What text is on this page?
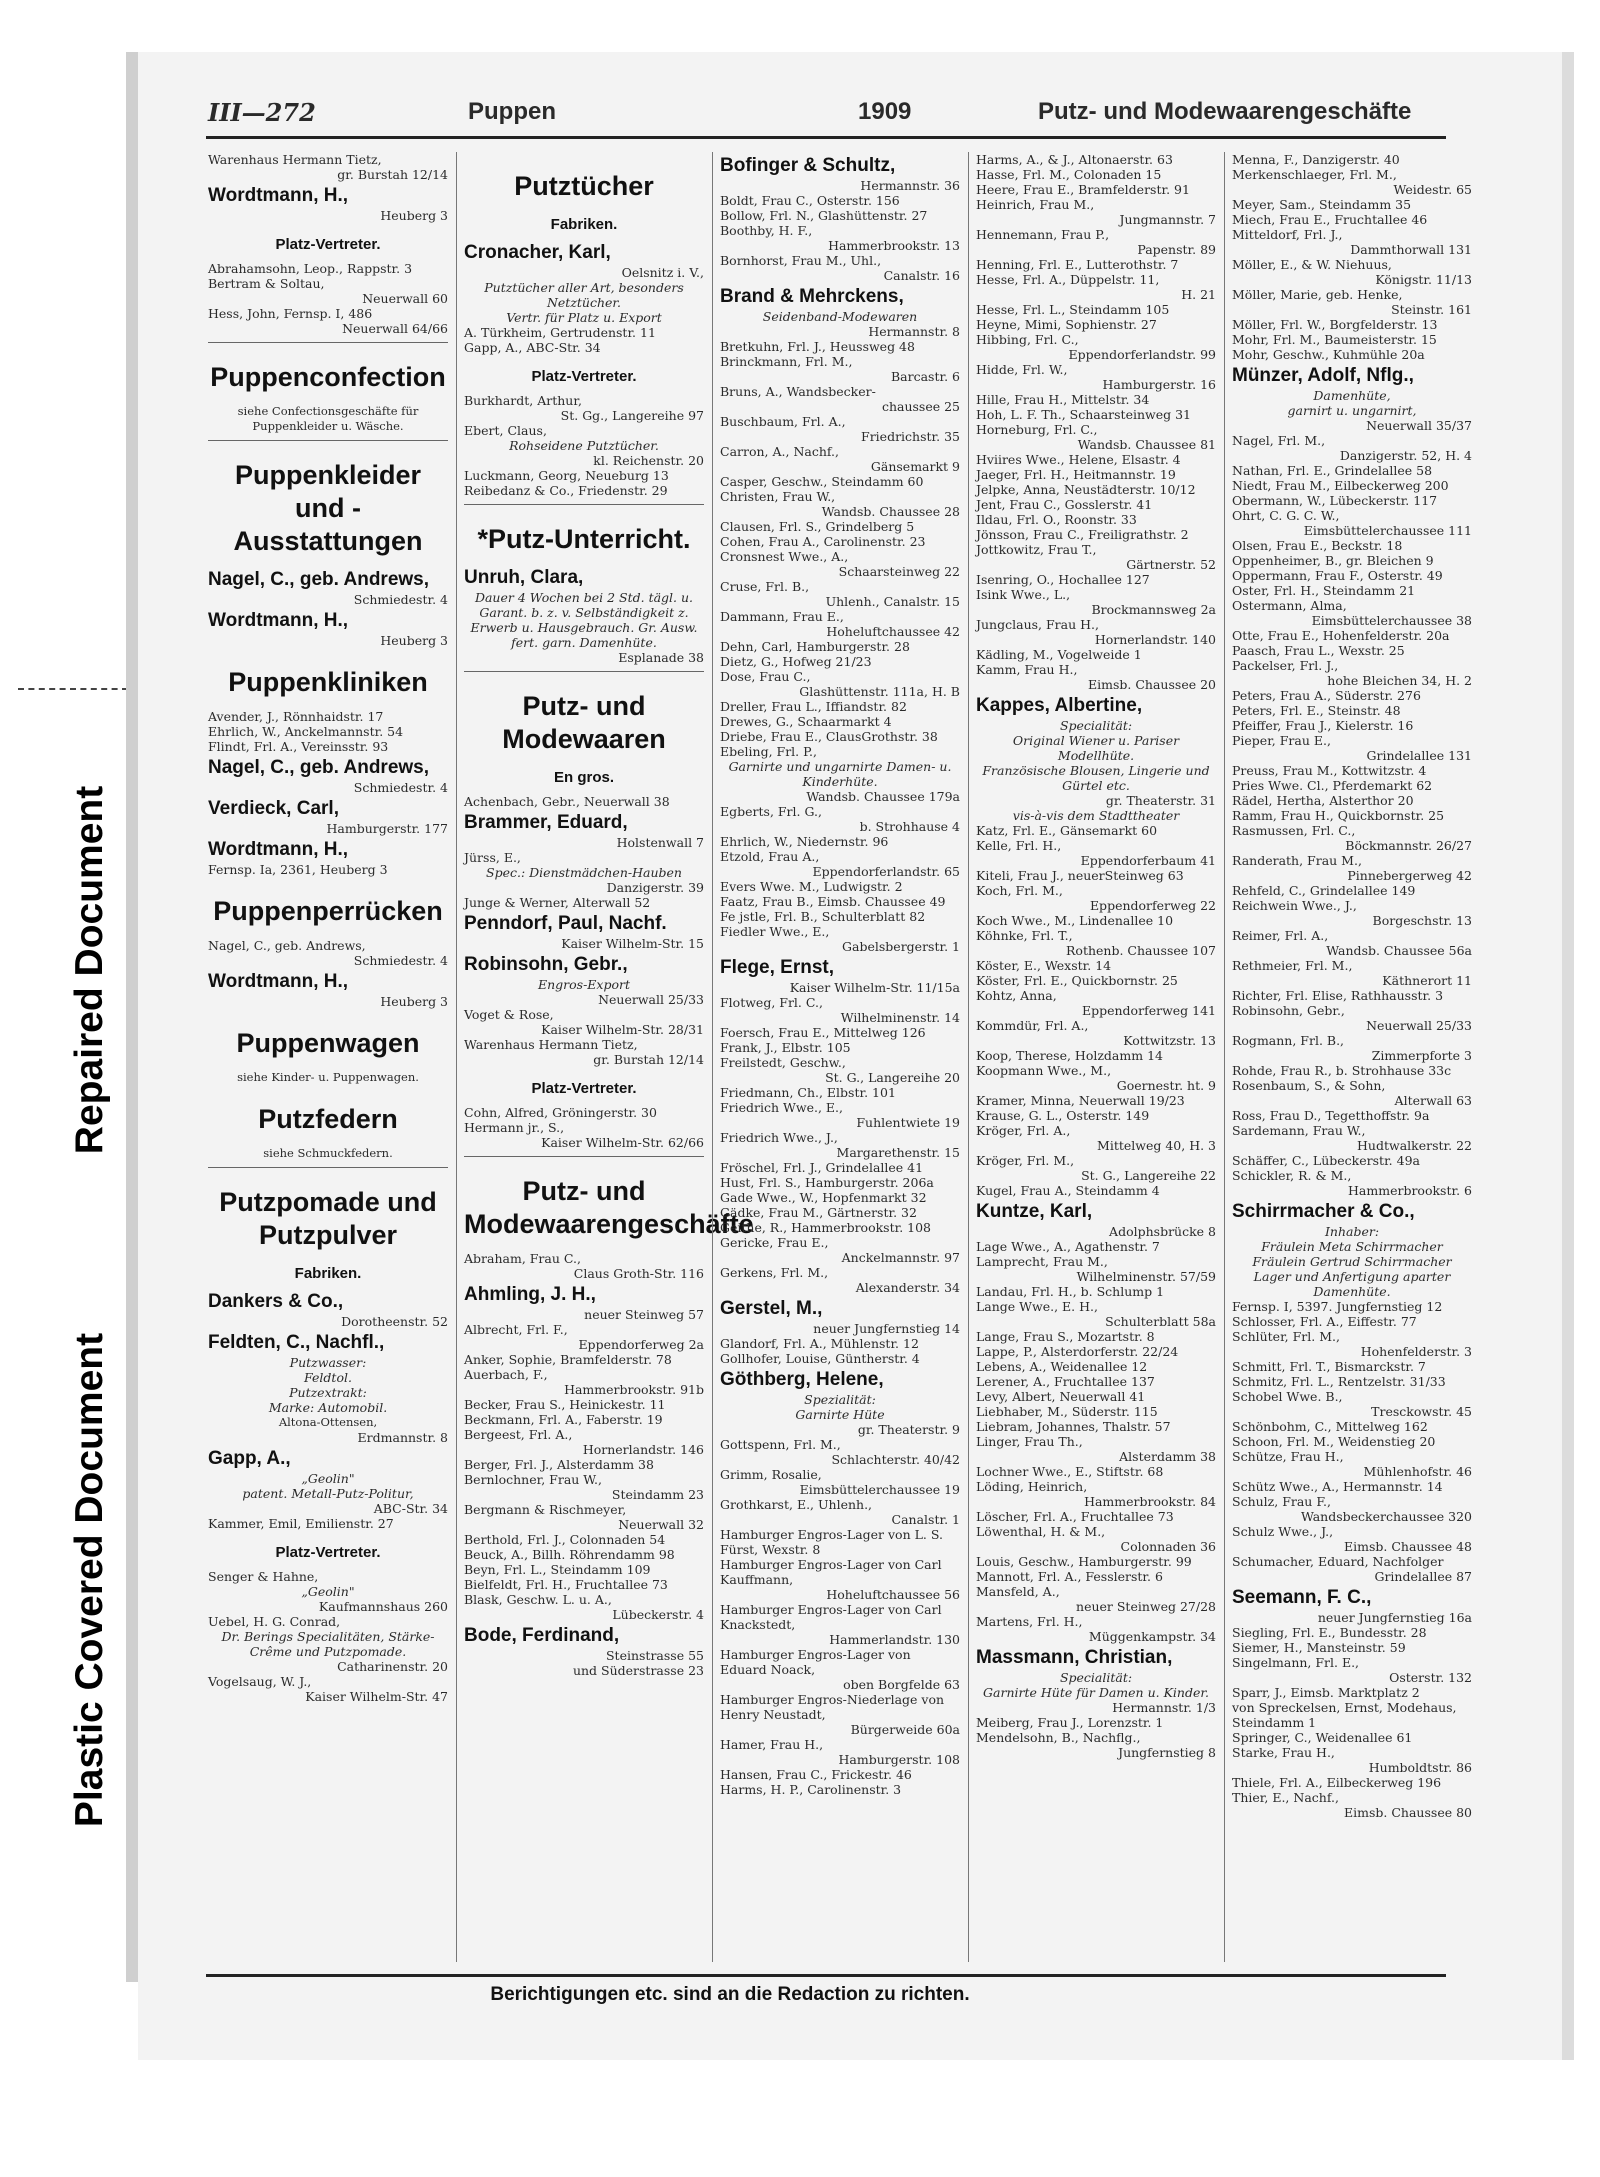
Repaired Document
Plastic Covered Document
III—272	Puppen	1909	Putz- und Modewaarengeschäfte
Warenhaus Hermann Tietz,
gr. Burstah 12/14
Wordtmann, H.,
Heuberg 3
Platz-Vertreter.
Abrahamsohn, Leop., Rappstr. 3
Bertram & Soltau,
Neuerwall 60
Hess, John, Fernsp. I, 486
Neuerwall 64/66
Puppenconfection
siehe Confectionsgeschäfte für Puppenkleider u. Wäsche.
Puppenkleider und -Ausstattungen
Nagel, C., geb. Andrews,
Schmiedestr. 4
Wordtmann, H.,
Heuberg 3
Puppenkliniken
Avender, J., Rönnhaidstr. 17
Ehrlich, W., Anckelmannstr. 54
Flindt, Frl. A., Vereinsstr. 93
Nagel, C., geb. Andrews,
Schmiedestr. 4
Verdieck, Carl,
Hamburgerstr. 177
Wordtmann, H.,
Fernsp. Ia, 2361, Heuberg 3
Puppenperrücken
Nagel, C., geb. Andrews,
Schmiedestr. 4
Wordtmann, H.,
Heuberg 3
Puppenwagen
siehe Kinder- u. Puppenwagen.
Putzfedern
siehe Schmuckfedern.
Putzpomade und Putzpulver
Fabriken.
Dankers & Co.,
Dorotheenstr. 52
Feldten, C., Nachfl.,
Putzwasser:
Feldtol.
Putzextrakt:
Marke: Automobil.
Altona-Ottensen,
Erdmannstr. 8
Gapp, A.,
„Geolin"
patent. Metall-Putz-Politur,
ABC-Str. 34
Kammer, Emil, Emilienstr. 27
Platz-Vertreter.
Senger & Hahne,
„Geolin"
Kaufmannshaus 260
Uebel, H. G. Conrad,
Dr. Berings Specialitäten, Stärke-Crême und Putzpomade.
Catharinenstr. 20
Vogelsaug, W. J.,
Kaiser Wilhelm-Str. 47
Putztücher
Fabriken.
Cronacher, Karl,
Oelsnitz i. V.,
Putztücher aller Art, besonders
Netztücher.
Vertr. für Platz u. Export
A. Türkheim, Gertrudenstr. 11
Gapp, A., ABC-Str. 34
Platz-Vertreter.
Burkhardt, Arthur,
St. Gg., Langereihe 97
Ebert, Claus,
Rohseidene Putztücher.
kl. Reichenstr. 20
Luckmann, Georg, Neueburg 13
Reibedanz & Co., Friedenstr. 29
*Putz-Unterricht.
Unruh, Clara,
Dauer 4 Wochen bei 2 Std. tägl. u. Garant. b. z. v. Selbständigkeit z. Erwerb u. Hausgebrauch. Gr. Ausw. fert. garn. Damenhüte.
Esplanade 38
Putz- und Modewaaren
En gros.
Achenbach, Gebr., Neuerwall 38
Brammer, Eduard,
Holstenwall 7
Jürss, E.,
Spec.: Dienstmädchen-Hauben
Danzigerstr. 39
Junge & Werner, Alterwall 52
Penndorf, Paul, Nachf.
Kaiser Wilhelm-Str. 15
Robinsohn, Gebr.,
Engros-Export
Neuerwall 25/33
Voget & Rose,
Kaiser Wilhelm-Str. 28/31
Warenhaus Hermann Tietz,
gr. Burstah 12/14
Platz-Vertreter.
Cohn, Alfred, Gröningerstr. 30
Hermann jr., S.,
Kaiser Wilhelm-Str. 62/66
Putz- und Modewaarengeschäfte
Abraham, Frau C.,
Claus Groth-Str. 116
Ahmling, J. H.,
neuer Steinweg 57
Albrecht, Frl. F.,
Eppendorferweg 2a
Anker, Sophie, Bramfelderstr. 78
Auerbach, F.,
Hammerbrookstr. 91b
Becker, Frau S., Heinickestr. 11
Beckmann, Frl. A., Faberstr. 19
Bergeest, Frl. A.,
Hornerlandstr. 146
Berger, Frl. J., Alsterdamm 38
Bernlochner, Frau W.,
Steindamm 23
Bergmann & Rischmeyer,
Neuerwall 32
Berthold, Frl. J., Colonnaden 54
Beuck, A., Billh. Röhrendamm 98
Beyn, Frl. L., Steindamm 109
Bielfeldt, Frl. H., Fruchtallee 73
Blask, Geschw. L. u. A.,
Lübeckerstr. 4
Bode, Ferdinand,
Steinstrasse 55
und Süderstrasse 23
Bofinger & Schultz,
Hermannstr. 36
Boldt, Frau C., Osterstr. 156
Bollow, Frl. N., Glashüttenstr. 27
Boothby, H. F.,
Hammerbrookstr. 13
Bornhorst, Frau M., Uhl.,
Canalstr. 16
Brand & Mehrckens,
Seidenband-Modewaren
Hermannstr. 8
Bretkuhn, Frl. J., Heussweg 48
Brinckmann, Frl. M.,
Barcastr. 6
Bruns, A., Wandsbecker-
chaussee 25
Buschbaum, Frl. A.,
Friedrichstr. 35
Carron, A., Nachf.,
Gänsemarkt 9
Casper, Geschw., Steindamm 60
Christen, Frau W.,
Wandsb. Chaussee 28
Clausen, Frl. S., Grindelberg 5
Cohen, Frau A., Carolinenstr. 23
Cronsnest Wwe., A.,
Schaarsteinweg 22
Cruse, Frl. B.,
Uhlenh., Canalstr. 15
Dammann, Frau E.,
Hoheluftchaussee 42
Dehn, Carl, Hamburgerstr. 28
Dietz, G., Hofweg 21/23
Dose, Frau C.,
Glashüttenstr. 111a, H. B
Dreller, Frau L., Iffiandstr. 82
Drewes, G., Schaarmarkt 4
Driebe, Frau E., ClausGrothstr. 38
Ebeling, Frl. P.,
Garnirte und ungarnirte Damen- u. Kinderhüte.
Wandsb. Chaussee 179a
Egberts, Frl. G.,
b. Strohhause 4
Ehrlich, W., Niedernstr. 96
Etzold, Frau A.,
Eppendorferlandstr. 65
Evers Wwe. M., Ludwigstr. 2
Faatz, Frau B., Eimsb. Chaussee 49
Fe jstle, Frl. B., Schulterblatt 82
Fiedler Wwe., E.,
Gabelsbergerstr. 1
Flege, Ernst,
Kaiser Wilhelm-Str. 11/15a
Flotweg, Frl. C.,
Wilhelminenstr. 14
Foersch, Frau E., Mittelweg 126
Frank, J., Elbstr. 105
Freilstedt, Geschw.,
St. G., Langereihe 20
Friedmann, Ch., Elbstr. 101
Friedrich Wwe., E.,
Fuhlentwiete 19
Friedrich Wwe., J.,
Margarethenstr. 15
Fröschel, Frl. J., Grindelallee 41
Hust, Frl. S., Hamburgerstr. 206a
Gade Wwe., W., Hopfenmarkt 32
Gädke, Frau M., Gärtnerstr. 32
Geithe, R., Hammerbrookstr. 108
Gericke, Frau E.,
Anckelmannstr. 97
Gerkens, Frl. M.,
Alexanderstr. 34
Gerstel, M.,
neuer Jungfernstieg 14
Glandorf, Frl. A., Mühlenstr. 12
Gollhofer, Louise, Güntherstr. 4
Göthberg, Helene,
Spezialität:
Garnirte Hüte
gr. Theaterstr. 9
Gottspenn, Frl. M.,
Schlachterstr. 40/42
Grimm, Rosalie,
Eimsbüttelerchaussee 19
Grothkarst, E., Uhlenh.,
Canalstr. 1
Hamburger Engros-Lager von L. S. Fürst, Wexstr. 8
Hamburger Engros-Lager von Carl Kauffmann,
Hoheluftchaussee 56
Hamburger Engros-Lager von Carl Knackstedt,
Hammerlandstr. 130
Hamburger Engros-Lager von Eduard Noack,
oben Borgfelde 63
Hamburger Engros-Niederlage von Henry Neustadt,
Bürgerweide 60a
Hamer, Frau H.,
Hamburgerstr. 108
Hansen, Frau C., Frickestr. 46
Harms, H. P., Carolinenstr. 3
Harms, A., & J., Altonaerstr. 63
Hasse, Frl. M., Colonaden 15
Heere, Frau E., Bramfelderstr. 91
Heinrich, Frau M.,
Jungmannstr. 7
Hennemann, Frau P.,
Papenstr. 89
Henning, Frl. E., Lutterothstr. 7
Hesse, Frl. A., Düppelstr. 11,
H. 21
Hesse, Frl. L., Steindamm 105
Heyne, Mimi, Sophienstr. 27
Hibbing, Frl. C.,
Eppendorferlandstr. 99
Hidde, Frl. W.,
Hamburgerstr. 16
Hille, Frau H., Mittelstr. 34
Hoh, L. F. Th., Schaarsteinweg 31
Horneburg, Frl. C.,
Wandsb. Chaussee 81
Hviires Wwe., Helene, Elsastr. 4
Jaeger, Frl. H., Heitmannstr. 19
Jelpke, Anna, Neustädterstr. 10/12
Jent, Frau C., Gosslerstr. 41
Ildau, Frl. O., Roonstr. 33
Jönsson, Frau C., Freiligrathstr. 2
Jottkowitz, Frau T.,
Gärtnerstr. 52
Isenring, O., Hochallee 127
Isink Wwe., L.,
Brockmannsweg 2a
Jungclaus, Frau H.,
Hornerlandstr. 140
Kädling, M., Vogelweide 1
Kamm, Frau H.,
Eimsb. Chaussee 20
Kappes, Albertine,
Specialität:
Original Wiener u. Pariser Modellhüte.
Französische Blousen, Lingerie und Gürtel etc.
gr. Theaterstr. 31
vis-à-vis dem Stadttheater
Katz, Frl. E., Gänsemarkt 60
Kelle, Frl. H.,
Eppendorferbaum 41
Kiteli, Frau J., neuerSteinweg 63
Koch, Frl. M.,
Eppendorferweg 22
Koch Wwe., M., Lindenallee 10
Köhnke, Frl. T.,
Rothenb. Chaussee 107
Köster, E., Wexstr. 14
Köster, Frl. E., Quickbornstr. 25
Kohtz, Anna,
Eppendorferweg 141
Kommdür, Frl. A.,
Kottwitzstr. 13
Koop, Therese, Holzdamm 14
Koopmann Wwe., M.,
Goernestr. ht. 9
Kramer, Minna, Neuerwall 19/23
Krause, G. L., Osterstr. 149
Kröger, Frl. A.,
Mittelweg 40, H. 3
Kröger, Frl. M.,
St. G., Langereihe 22
Kugel, Frau A., Steindamm 4
Kuntze, Karl,
Adolphsbrücke 8
Lage Wwe., A., Agathenstr. 7
Lamprecht, Frau M.,
Wilhelminenstr. 57/59
Landau, Frl. H., b. Schlump 1
Lange Wwe., E. H.,
Schulterblatt 58a
Lange, Frau S., Mozartstr. 8
Lappe, P., Alsterdorferstr. 22/24
Lebens, A., Weidenallee 12
Lerener, A., Fruchtallee 137
Levy, Albert, Neuerwall 41
Liebhaber, M., Süderstr. 115
Liebram, Johannes, Thalstr. 57
Linger, Frau Th.,
Alsterdamm 38
Lochner Wwe., E., Stiftstr. 68
Löding, Heinrich,
Hammerbrookstr. 84
Löscher, Frl. A., Fruchtallee 73
Löwenthal, H. & M.,
Colonnaden 36
Louis, Geschw., Hamburgerstr. 99
Mannott, Frl. A., Fesslerstr. 6
Mansfeld, A.,
neuer Steinweg 27/28
Martens, Frl. H.,
Müggenkampstr. 34
Massmann, Christian,
Specialität:
Garnirte Hüte für Damen u. Kinder.
Hermannstr. 1/3
Meiberg, Frau J., Lorenzstr. 1
Mendelsohn, B., Nachflg.,
Jungfernstieg 8
Menna, F., Danzigerstr. 40
Merkenschlaeger, Frl. M.,
Weidestr. 65
Meyer, Sam., Steindamm 35
Miech, Frau E., Fruchtallee 46
Mitteldorf, Frl. J.,
Dammthorwall 131
Möller, E., & W. Niehuus,
Königstr. 11/13
Möller, Marie, geb. Henke,
Steinstr. 161
Möller, Frl. W., Borgfelderstr. 13
Mohr, Frl. M., Baumeisterstr. 15
Mohr, Geschw., Kuhmühle 20a
Münzer, Adolf, Nflg.,
Damenhüte,
garnirt u. ungarnirt,
Neuerwall 35/37
Nagel, Frl. M.,
Danzigerstr. 52, H. 4
Nathan, Frl. E., Grindelallee 58
Niedt, Frau M., Eilbeckerweg 200
Obermann, W., Lübeckerstr. 117
Ohrt, C. G. C. W.,
Eimsbüttelerchaussee 111
Olsen, Frau E., Beckstr. 18
Oppenheimer, B., gr. Bleichen 9
Oppermann, Frau F., Osterstr. 49
Oster, Frl. H., Steindamm 21
Ostermann, Alma,
Eimsbüttelerchaussee 38
Otte, Frau E., Hohenfelderstr. 20a
Paasch, Frau L., Wexstr. 25
Packelser, Frl. J.,
hohe Bleichen 34, H. 2
Peters, Frau A., Süderstr. 276
Peters, Frl. E., Steinstr. 48
Pfeiffer, Frau J., Kielerstr. 16
Pieper, Frau E.,
Grindelallee 131
Preuss, Frau M., Kottwitzstr. 4
Pries Wwe. Cl., Pferdemarkt 62
Rädel, Hertha, Alsterthor 20
Ramm, Frau H., Quickbornstr. 25
Rasmussen, Frl. C.,
Böckmannstr. 26/27
Randerath, Frau M.,
Pinnebergerweg 42
Rehfeld, C., Grindelallee 149
Reichwein Wwe., J.,
Borgeschstr. 13
Reimer, Frl. A.,
Wandsb. Chaussee 56a
Rethmeier, Frl. M.,
Käthnerort 11
Richter, Frl. Elise, Rathhausstr. 3
Robinsohn, Gebr.,
Neuerwall 25/33
Rogmann, Frl. B.,
Zimmerpforte 3
Rohde, Frau R., b. Strohhause 33c
Rosenbaum, S., & Sohn,
Alterwall 63
Ross, Frau D., Tegetthoffstr. 9a
Sardemann, Frau W.,
Hudtwalkerstr. 22
Schäffer, C., Lübeckerstr. 49a
Schickler, R. & M.,
Hammerbrookstr. 6
Schirrmacher & Co.,
Inhaber:
Fräulein Meta Schirrmacher
Fräulein Gertrud Schirrmacher
Lager und Anfertigung aparter Damenhüte.
Fernsp. I, 5397. Jungfernstieg 12
Schlosser, Frl. A., Eiffestr. 77
Schlüter, Frl. M.,
Hohenfelderstr. 3
Schmitt, Frl. T., Bismarckstr. 7
Schmitz, Frl. L., Rentzelstr. 31/33
Schobel Wwe. B.,
Tresckowstr. 45
Schönbohm, C., Mittelweg 162
Schoon, Frl. M., Weidenstieg 20
Schütze, Frau H.,
Mühlenhofstr. 46
Schütz Wwe., A., Hermannstr. 14
Schulz, Frau F.,
Wandsbeckerchaussee 320
Schulz Wwe., J.,
Eimsb. Chaussee 48
Schumacher, Eduard, Nachfolger
Grindelallee 87
Seemann, F. C.,
neuer Jungfernstieg 16a
Siegling, Frl. E., Bundesstr. 28
Siemer, H., Mansteinstr. 59
Singelmann, Frl. E.,
Osterstr. 132
Sparr, J., Eimsb. Marktplatz 2
von Spreckelsen, Ernst, Modehaus, Steindamm 1
Springer, C., Weidenallee 61
Starke, Frau H.,
Humboldtstr. 86
Thiele, Frl. A., Eilbeckerweg 196
Thier, E., Nachf.,
Eimsb. Chaussee 80
Berichtigungen etc. sind an die Redaction zu richten.
